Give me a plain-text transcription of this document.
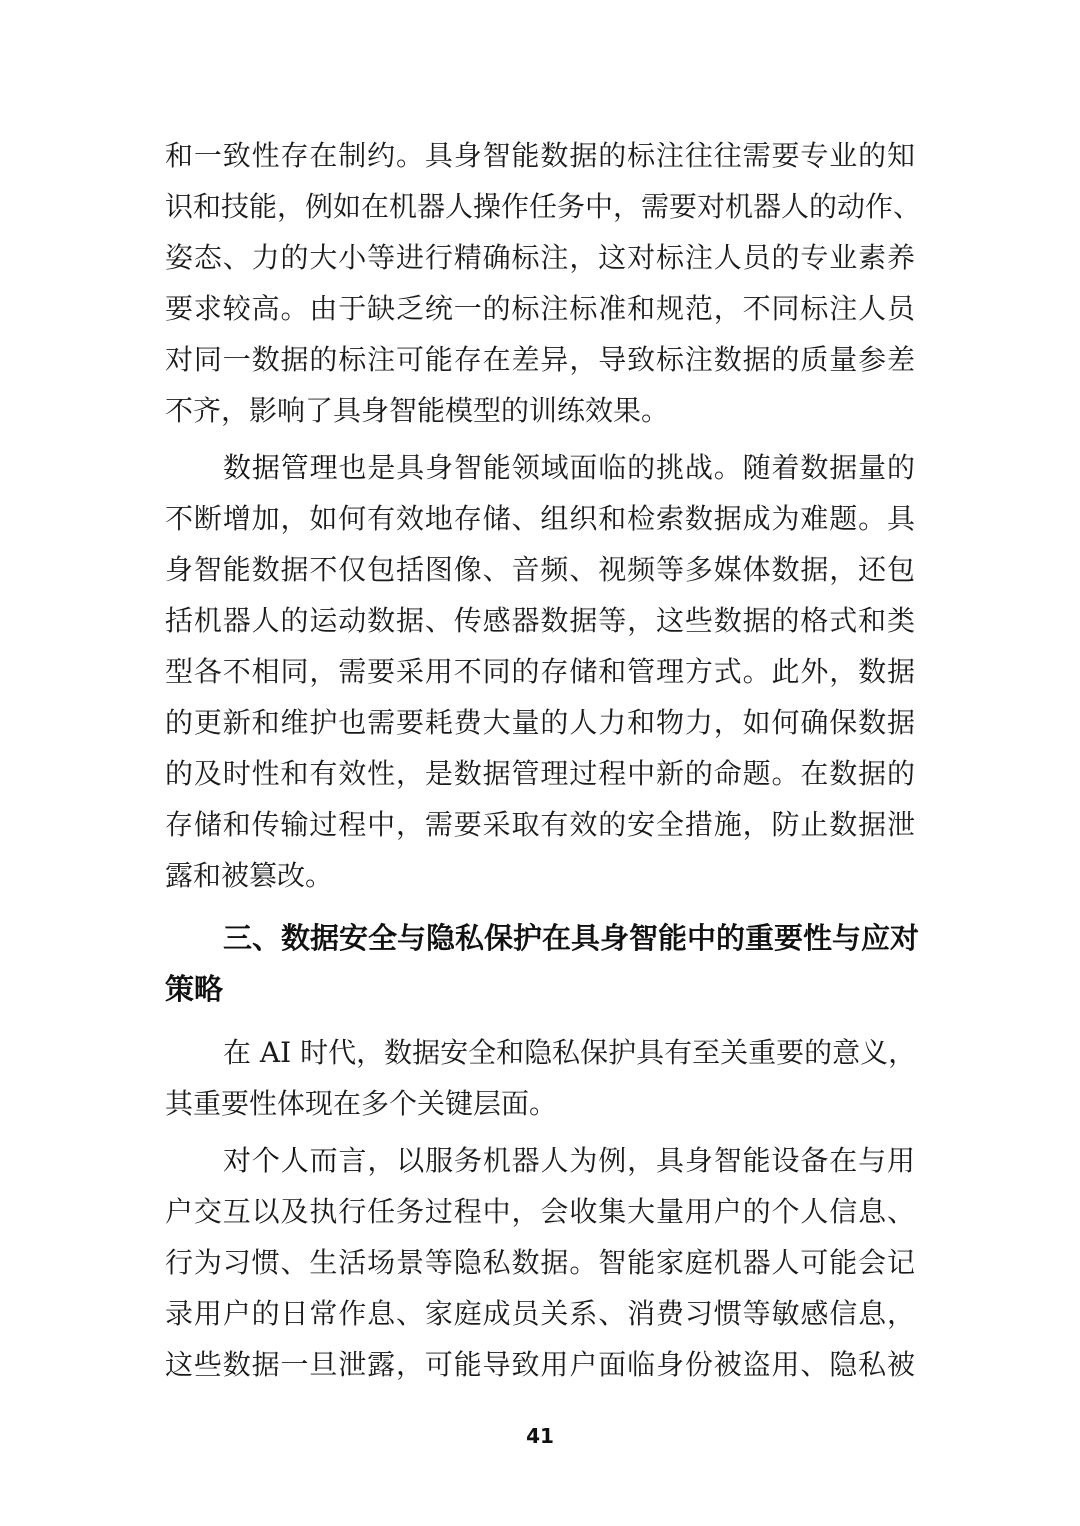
和一致性存在制约。具身智能数据的标注往往需要专业的知
识和技能，例如在机器人操作任务中，需要对机器人的动作、
姿态、力的大小等进行精确标注，这对标注人员的专业素养
要求较高。由于缺乏统一的标注标准和规范，不同标注人员
对同一数据的标注可能存在差异，导致标注数据的质量参差
不齐，影响了具身智能模型的训练效果。
数据管理也是具身智能领域面临的挑战。随着数据量的
不断增加，如何有效地存储、组织和检索数据成为难题。具
身智能数据不仅包括图像、音频、视频等多媒体数据，还包
括机器人的运动数据、传感器数据等，这些数据的格式和类
型各不相同，需要采用不同的存储和管理方式。此外，数据
的更新和维护也需要耗费大量的人力和物力，如何确保数据
的及时性和有效性，是数据管理过程中新的命题。在数据的
存储和传输过程中，需要采取有效的安全措施，防止数据泄
露和被篡改。
三、数据安全与隐私保护在具身智能中的重要性与应对
策略
在 AI 时代，数据安全和隐私保护具有至关重要的意义，
其重要性体现在多个关键层面。
对个人而言，以服务机器人为例，具身智能设备在与用
户交互以及执行任务过程中，会收集大量用户的个人信息、
行为习惯、生活场景等隐私数据。智能家庭机器人可能会记
录用户的日常作息、家庭成员关系、消费习惯等敏感信息，
这些数据一旦泄露，可能导致用户面临身份被盗用、隐私被
41
